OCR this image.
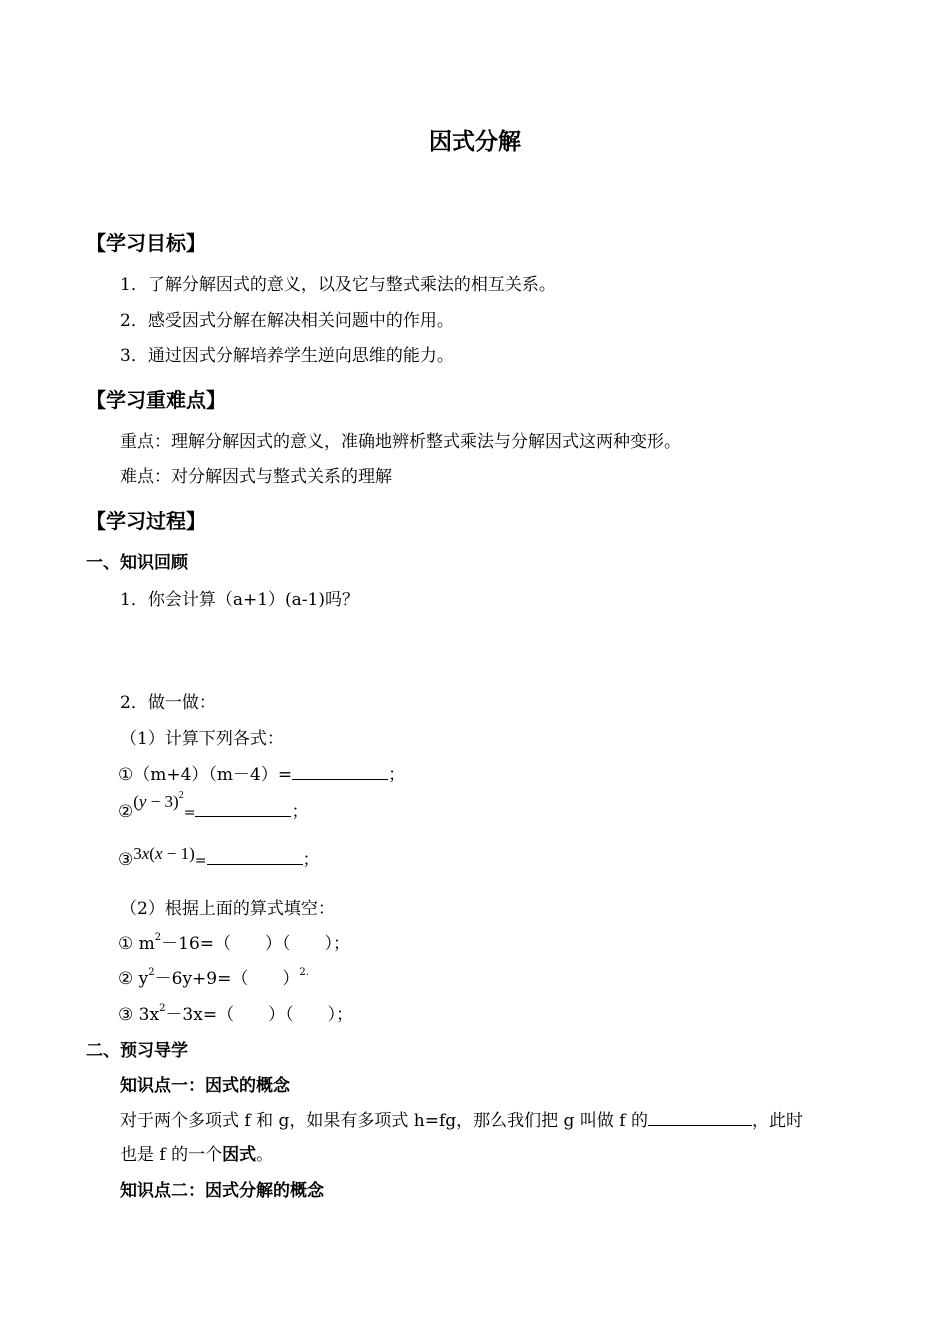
因式分解
【学习目标】
1．了解分解因式的意义，以及它与整式乘法的相互关系。
2．感受因式分解在解决相关问题中的作用。
3．通过因式分解培养学生逆向思维的能力。
【学习重难点】
重点：理解分解因式的意义，准确地辨析整式乘法与分解因式这两种变形。
难点：对分解因式与整式关系的理解
【学习过程】
一、知识回顾
1．你会计算（a+1）(a-1)吗？
2．做一做：
（1）计算下列各式：
①（m+4）（m－4）=	；
②(y − 3)$^2$=	；
③3x(x − 1)=	；
（2）根据上面的算式填空：
① $m^2-16=$（　　）（　　）；
② $y^2-6y+9=$（　　）$^{2.}$
③ $3x^2-3x=$（　　）（　　）；
二、预习导学
知识点一：因式的概念
对于两个多项式 f 和 g，如果有多项式 h=fg，那么我们把 g 叫做 f 的	，此时
也是 f 的一个因式。
知识点二：因式分解的概念
